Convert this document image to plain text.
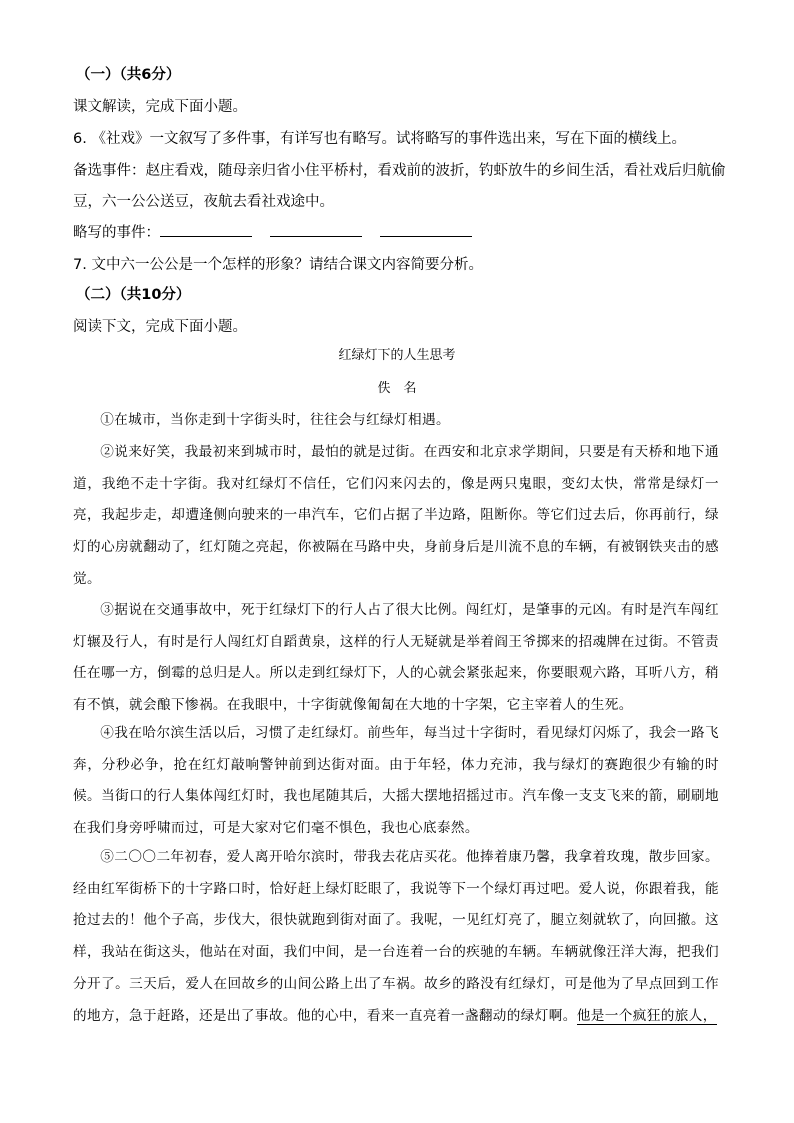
（一）（共6分）
课文解读，完成下面小题。
6. 《社戏》一文叙写了多件事，有详写也有略写。试将略写的事件选出来，写在下面的横线上。
备选事件：赵庄看戏，随母亲归省小住平桥村，看戏前的波折，钓虾放牛的乡间生活，看社戏后归航偷
豆，六一公公送豆，夜航去看社戏途中。
略写的事件：
7. 文中六一公公是一个怎样的形象？请结合课文内容简要分析。
（二）（共10分）
阅读下文，完成下面小题。
红绿灯下的人生思考
佚　名
①在城市，当你走到十字街头时，往往会与红绿灯相遇。
②说来好笑，我最初来到城市时，最怕的就是过街。在西安和北京求学期间，只要是有天桥和地下通道，我绝不走十字街。我对红绿灯不信任，它们闪来闪去的，像是两只鬼眼，变幻太快，常常是绿灯一亮，我起步走，却遭逢侧向驶来的一串汽车，它们占据了半边路，阻断你。等它们过去后，你再前行，绿灯的心房就翻动了，红灯随之亮起，你被隔在马路中央，身前身后是川流不息的车辆，有被钢铁夹击的感觉。
③据说在交通事故中，死于红绿灯下的行人占了很大比例。闯红灯，是肇事的元凶。有时是汽车闯红灯辗及行人，有时是行人闯红灯自蹈黄泉，这样的行人无疑就是举着阎王爷掷来的招魂牌在过街。不管责任在哪一方，倒霉的总归是人。所以走到红绿灯下，人的心就会紧张起来，你要眼观六路，耳听八方，稍有不慎，就会酿下惨祸。在我眼中，十字街就像匍匐在大地的十字架，它主宰着人的生死。
④我在哈尔滨生活以后，习惯了走红绿灯。前些年，每当过十字街时，看见绿灯闪烁了，我会一路飞奔，分秒必争，抢在红灯敲响警钟前到达街对面。由于年轻，体力充沛，我与绿灯的赛跑很少有输的时候。当街口的行人集体闯红灯时，我也尾随其后，大摇大摆地招摇过市。汽车像一支支飞来的箭，刷刷地在我们身旁呼啸而过，可是大家对它们毫不惧色，我也心底泰然。
⑤二〇〇二年初春，爱人离开哈尔滨时，带我去花店买花。他捧着康乃馨，我拿着玫瑰，散步回家。经由红军街桥下的十字路口时，恰好赶上绿灯眨眼了，我说等下一个绿灯再过吧。爱人说，你跟着我，能抢过去的！他个子高，步伐大，很快就跑到街对面了。我呢，一见红灯亮了，腿立刻就软了，向回撤。这样，我站在街这头，他站在对面，我们中间，是一台连着一台的疾驰的车辆。车辆就像汪洋大海，把我们分开了。三天后，爱人在回故乡的山间公路上出了车祸。故乡的路没有红绿灯，可是他为了早点回到工作的地方，急于赶路，还是出了事故。他的心中，看来一直亮着一盏翻动的绿灯啊。他是一个疯狂的旅人，
